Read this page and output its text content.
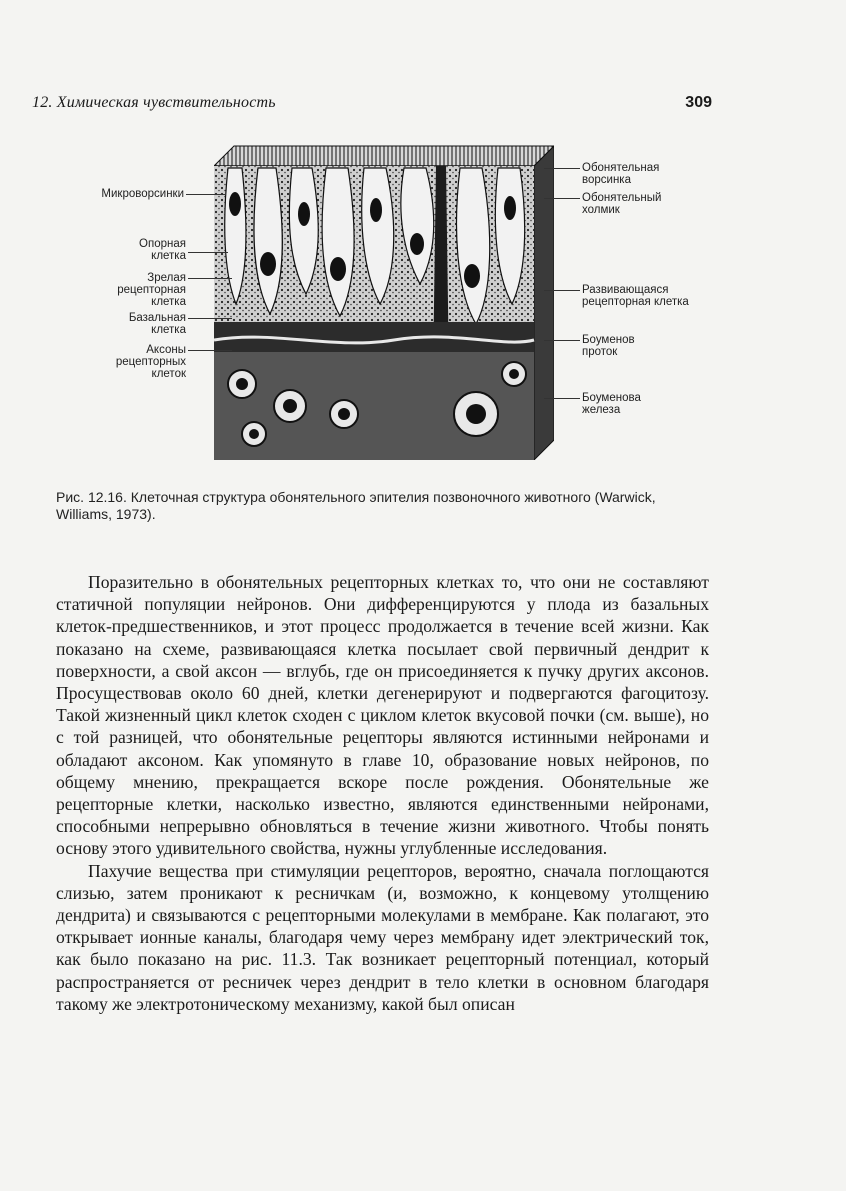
12. Химическая чувствительность	309
Микроворсинки
Опорная клетка
Зрелая рецепторная клетка
Базальная клетка
Аксоны рецепторных клеток
Обонятельная ворсинка
Обонятельный холмик
Развивающаяся рецепторная клетка
Боуменов проток
Боуменова железа
Рис. 12.16. Клеточная структура обонятельного эпителия позвоночного животного (Warwick, Williams, 1973).

Поразительно в обонятельных рецепторных клетках то, что они не составляют статичной популяции нейронов. Они дифференцируются у плода из базальных клеток-предшественников, и этот процесс продолжается в течение всей жизни. Как показано на схеме, развивающаяся клетка посылает свой первичный дендрит к поверхности, а свой аксон — вглубь, где он присоединяется к пучку других аксонов. Просуществовав около 60 дней, клетки дегенерируют и подвергаются фагоцитозу. Такой жизненный цикл клеток сходен с циклом клеток вкусовой почки (см. выше), но с той разницей, что обонятельные рецепторы являются истинными нейронами и обладают аксоном. Как упомянуто в главе 10, образование новых нейронов, по общему мнению, прекращается вскоре после рождения. Обонятельные же рецепторные клетки, насколько известно, являются единственными нейронами, способными непрерывно обновляться в течение жизни животного. Чтобы понять основу этого удивительного свойства, нужны углубленные исследования.

Пахучие вещества при стимуляции рецепторов, вероятно, сначала поглощаются слизью, затем проникают к ресничкам (и, возможно, к концевому утолщению дендрита) и связываются с рецепторными молекулами в мембране. Как полагают, это открывает ионные каналы, благодаря чему через мембрану идет электрический ток, как было показано на рис. 11.3. Так возникает рецепторный потенциал, который распространяется от ресничек через дендрит в тело клетки в основном благодаря такому же электротоническому механизму, какой был описан
